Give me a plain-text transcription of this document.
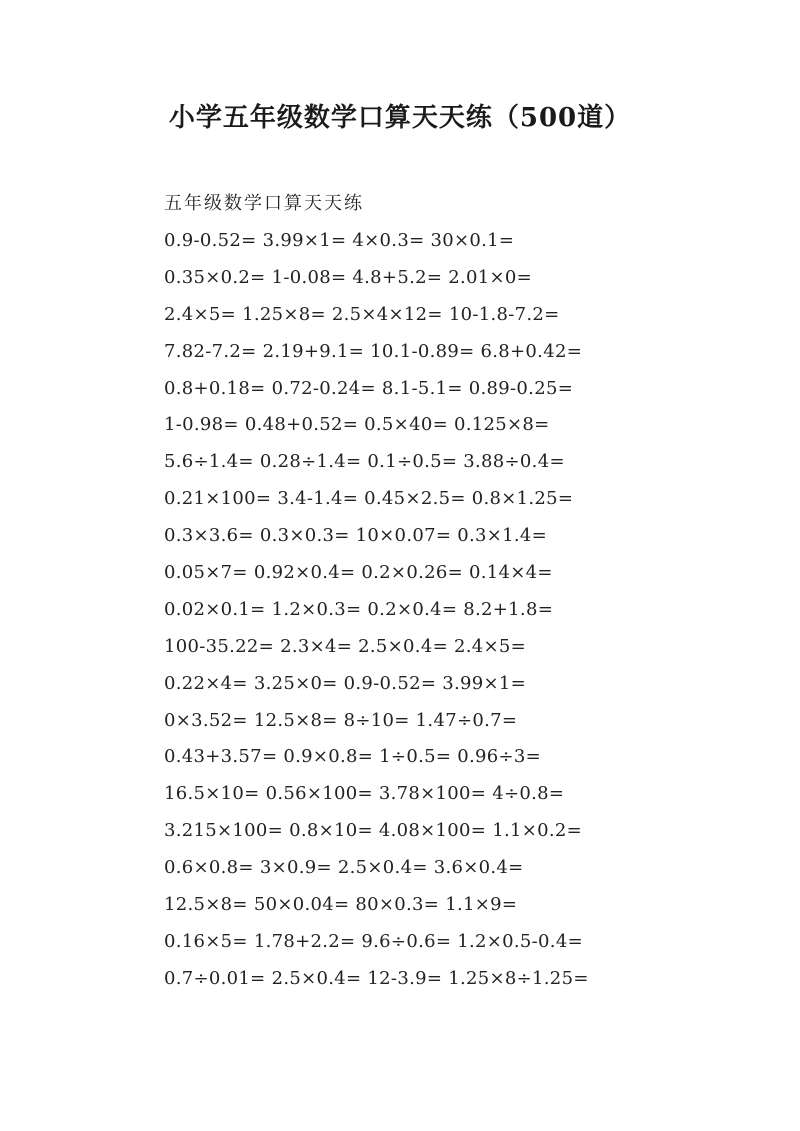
小学五年级数学口算天天练（500道）
五年级数学口算天天练
0.9-0.52= 3.99×1= 4×0.3= 30×0.1=
0.35×0.2= 1-0.08= 4.8+5.2= 2.01×0=
2.4×5= 1.25×8= 2.5×4×12= 10-1.8-7.2=
7.82-7.2= 2.19+9.1= 10.1-0.89= 6.8+0.42=
0.8+0.18= 0.72-0.24= 8.1-5.1= 0.89-0.25=
1-0.98= 0.48+0.52= 0.5×40= 0.125×8=
5.6÷1.4= 0.28÷1.4= 0.1÷0.5= 3.88÷0.4=
0.21×100= 3.4-1.4= 0.45×2.5= 0.8×1.25=
0.3×3.6= 0.3×0.3= 10×0.07= 0.3×1.4=
0.05×7= 0.92×0.4= 0.2×0.26= 0.14×4=
0.02×0.1= 1.2×0.3= 0.2×0.4= 8.2+1.8=
100-35.22= 2.3×4= 2.5×0.4= 2.4×5=
0.22×4= 3.25×0= 0.9-0.52= 3.99×1=
0×3.52= 12.5×8= 8÷10= 1.47÷0.7=
0.43+3.57= 0.9×0.8= 1÷0.5= 0.96÷3=
16.5×10= 0.56×100= 3.78×100= 4÷0.8=
3.215×100= 0.8×10= 4.08×100= 1.1×0.2=
0.6×0.8= 3×0.9= 2.5×0.4= 3.6×0.4=
12.5×8= 50×0.04= 80×0.3= 1.1×9=
0.16×5= 1.78+2.2= 9.6÷0.6= 1.2×0.5-0.4=
0.7÷0.01= 2.5×0.4= 12-3.9= 1.25×8÷1.25=
